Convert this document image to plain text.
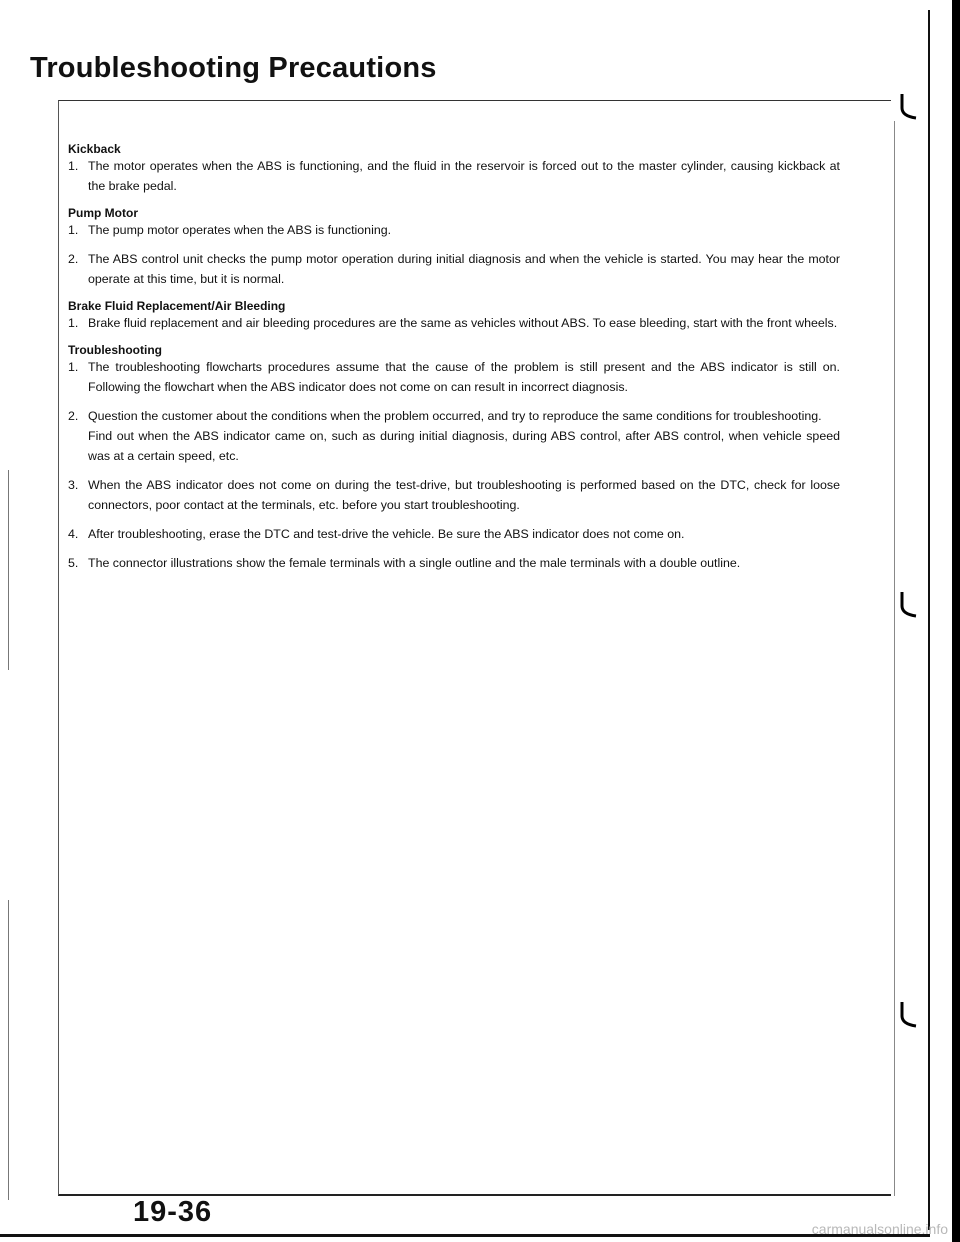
Troubleshooting Precautions

Kickback

1. The motor operates when the ABS is functioning, and the fluid in the reservoir is forced out to the master cylinder, causing kickback at the brake pedal.

Pump Motor

1. The pump motor operates when the ABS is functioning.

2. The ABS control unit checks the pump motor operation during initial diagnosis and when the vehicle is started. You may hear the motor operate at this time, but it is normal.

Brake Fluid Replacement/Air Bleeding

1. Brake fluid replacement and air bleeding procedures are the same as vehicles without ABS. To ease bleeding, start with the front wheels.

Troubleshooting

1. The troubleshooting flowcharts procedures assume that the cause of the problem is still present and the ABS indicator is still on. Following the flowchart when the ABS indicator does not come on can result in incorrect diagnosis.

2. Question the customer about the conditions when the problem occurred, and try to reproduce the same conditions for troubleshooting.

Find out when the ABS indicator came on, such as during initial diagnosis, during ABS control, after ABS control, when vehicle speed was at a certain speed, etc.

3. When the ABS indicator does not come on during the test-drive, but troubleshooting is performed based on the DTC, check for loose connectors, poor contact at the terminals, etc. before you start troubleshooting.

4. After troubleshooting, erase the DTC and test-drive the vehicle. Be sure the ABS indicator does not come on.

5. The connector illustrations show the female terminals with a single outline and the male terminals with a double outline.

19-36
carmanualsonline.info
